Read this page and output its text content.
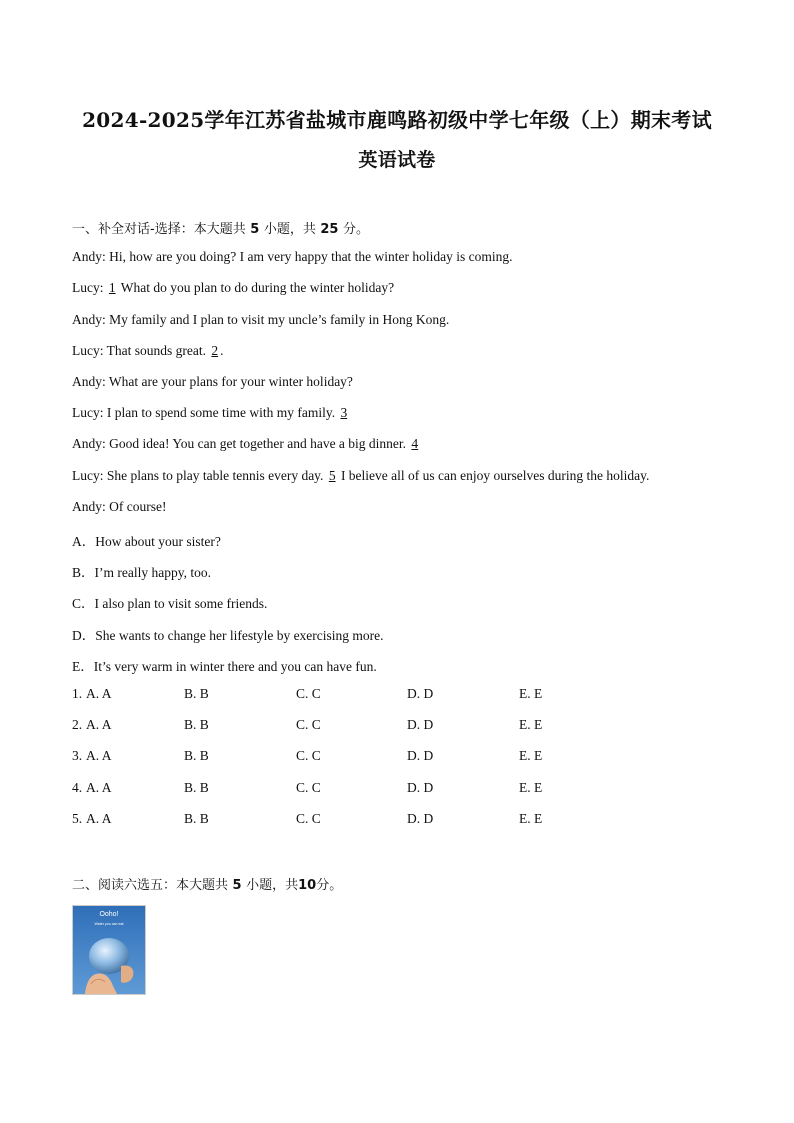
2024-2025学年江苏省盐城市鹿鸣路初级中学七年级（上）期末考试
英语试卷
一、补全对话-选择：本大题共 5 小题，共 25 分。
Andy: Hi, how are you doing? I am very happy that the winter holiday is coming.
Lucy: 1 What do you plan to do during the winter holiday?
Andy: My family and I plan to visit my uncle’s family in Hong Kong.
Lucy: That sounds great. 2.
Andy: What are your plans for your winter holiday?
Lucy: I plan to spend some time with my family. 3
Andy: Good idea! You can get together and have a big dinner. 4
Lucy: She plans to play table tennis every day. 5 I believe all of us can enjoy ourselves during the holiday.
Andy: Of course!
A．How about your sister?
B．I’m really happy, too.
C．I also plan to visit some friends.
D．She wants to change her lifestyle by exercising more.
E．It’s very warm in winter there and you can have fun.
1. A. A	B. B	C. C	D. D	E. E
2. A. A	B. B	C. C	D. D	E. E
3. A. A	B. B	C. C	D. D	E. E
4. A. A	B. B	C. C	D. D	E. E
5. A. A	B. B	C. C	D. D	E. E
二、阅读六选五：本大题共 5 小题，共10分。
Ooho!
Water you can eat
